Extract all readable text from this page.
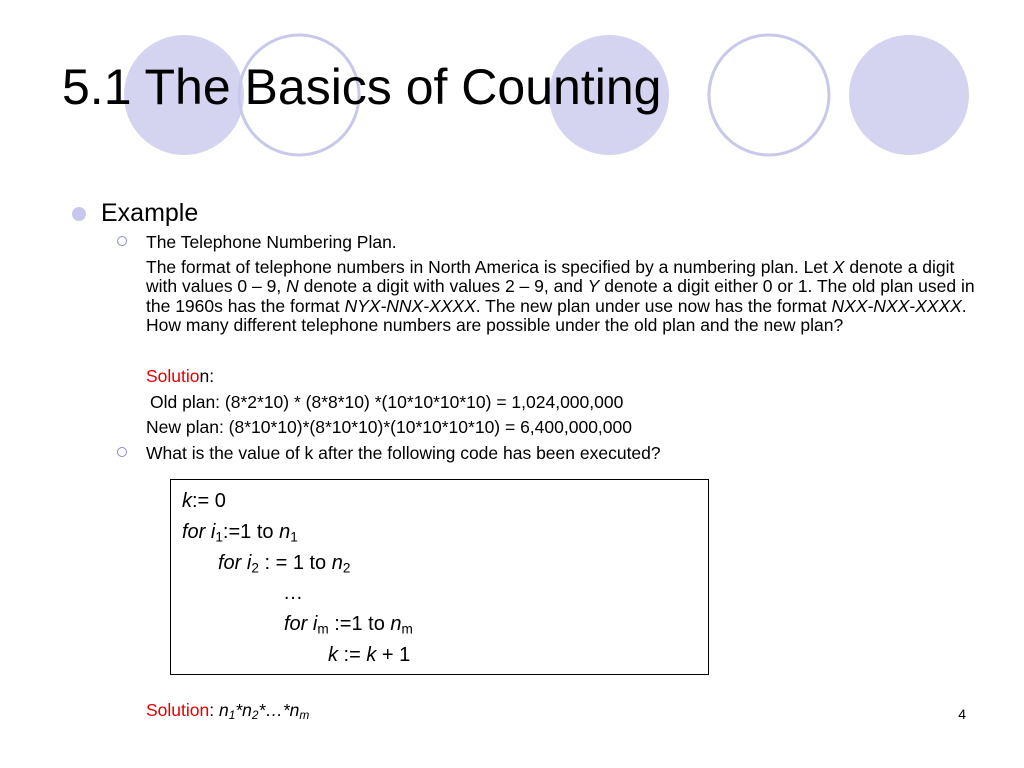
5.1 The Basics of Counting
Example
The Telephone Numbering Plan.
The format of telephone numbers in North America is specified by a numbering plan. Let X denote a digit with values 0 – 9, N denote a digit with values 2 – 9, and Y denote a digit either 0 or 1. The old plan used in the 1960s has the format NYX-NNX-XXXX. The new plan under use now has the format NXX-NXX-XXXX. How many different telephone numbers are possible under the old plan and the new plan?
Solution:
Old plan: (8*2*10) * (8*8*10) *(10*10*10*10) = 1,024,000,000
New plan: (8*10*10)*(8*10*10)*(10*10*10*10) = 6,400,000,000
What is the value of k after the following code has been executed?
k:= 0
for $i_1:=1$ to $n_1$
for $i_2$ : = 1 to $n_2$
…
for $i_m$ :=1 to $n_m$
k := k + 1
Solution: $n_1*n_2*\dots*n_m$	4
